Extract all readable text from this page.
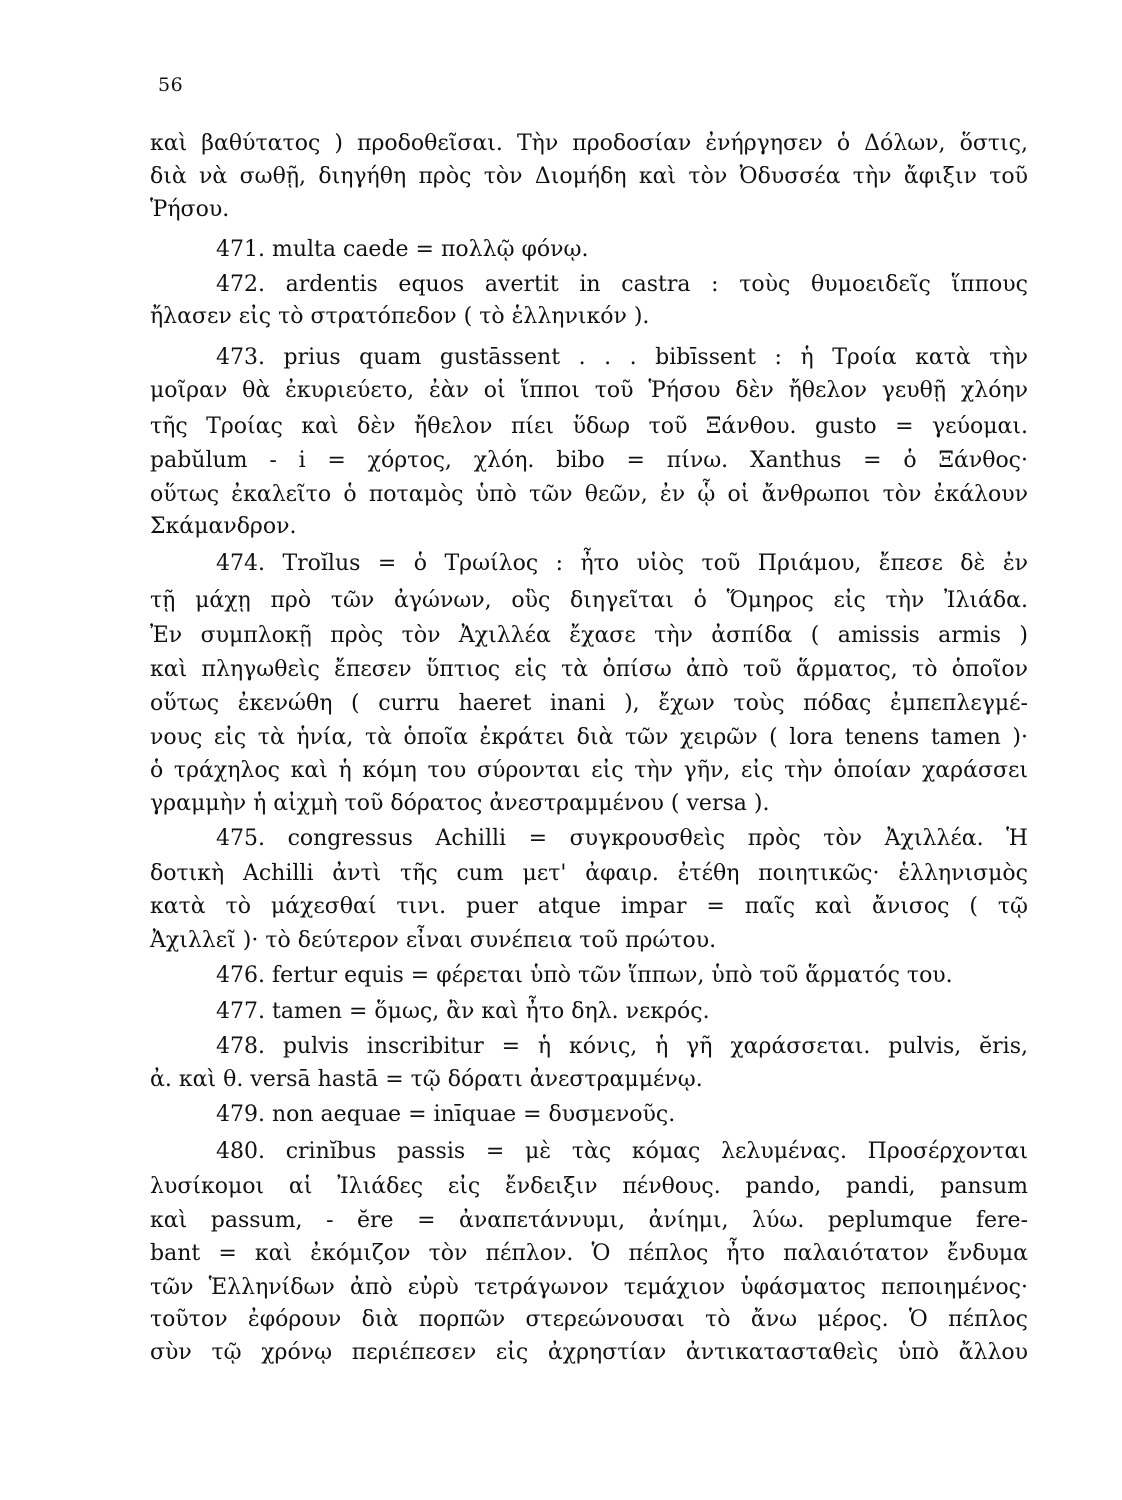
56
καὶ βαθύτατος ) προδοθεῖσαι. Τὴν προδοσίαν ἐνήργησεν ὁ Δόλων, ὅστις,
διὰ νὰ σωθῇ, διηγήθη πρὸς τὸν Διομήδη καὶ τὸν Ὀδυσσέα τὴν ἄφιξιν τοῦ
Ῥήσου.
471. multa caede = πολλῷ φόνῳ.
472. ardentis equos avertit in castra : τοὺς θυμοειδεῖς ἵππους
ἤλασεν εἰς τὸ στρατόπεδον ( τὸ ἑλληνικόν ).
473. prius quam gustāssent . . . bibīssent : ἡ Τροία κατὰ τὴν
μοῖραν θὰ ἐκυριεύετο, ἐὰν οἱ ἵπποι τοῦ Ῥήσου δὲν ἤθελον γευθῇ χλόην
τῆς Τροίας καὶ δὲν ἤθελον πίει ὕδωρ τοῦ Ξάνθου. gusto = γεύομαι.
pabŭlum - i = χόρτος, χλόη. bibo = πίνω. Xanthus = ὁ Ξάνθος·
οὕτως ἐκαλεῖτο ὁ ποταμὸς ὑπὸ τῶν θεῶν, ἐν ᾧ οἱ ἄνθρωποι τὸν ἐκάλουν
Σκάμανδρον.
474. Troĭlus = ὁ Τρωίλος : ἦτο υἱὸς τοῦ Πριάμου, ἔπεσε δὲ ἐν
τῇ μάχῃ πρὸ τῶν ἀγώνων, οὓς διηγεῖται ὁ Ὅμηρος εἰς τὴν Ἰλιάδα.
Ἐν συμπλοκῇ πρὸς τὸν Ἀχιλλέα ἔχασε τὴν ἀσπίδα ( amissis armis )
καὶ πληγωθεὶς ἔπεσεν ὕπτιος εἰς τὰ ὀπίσω ἀπὸ τοῦ ἅρματος, τὸ ὁποῖον
οὕτως ἐκενώθη ( curru haeret inani ), ἔχων τοὺς πόδας ἐμπεπλεγμέ-
νους εἰς τὰ ἡνία, τὰ ὁποῖα ἐκράτει διὰ τῶν χειρῶν ( lora tenens tamen )·
ὁ τράχηλος καὶ ἡ κόμη του σύρονται εἰς τὴν γῆν, εἰς τὴν ὁποίαν χαράσσει
γραμμὴν ἡ αἰχμὴ τοῦ δόρατος ἀνεστραμμένου ( versa ).
475. congressus Achilli = συγκρουσθεὶς πρὸς τὸν Ἀχιλλέα. Ἡ
δοτικὴ Achilli ἀντὶ τῆς cum μετ' ἀφαιρ. ἐτέθη ποιητικῶς· ἑλληνισμὸς
κατὰ τὸ μάχεσθαί τινι. puer atque impar = παῖς καὶ ἄνισος ( τῷ
Ἀχιλλεῖ )· τὸ δεύτερον εἶναι συνέπεια τοῦ πρώτου.
476. fertur equis = φέρεται ὑπὸ τῶν ἵππων, ὑπὸ τοῦ ἅρματός του.
477. tamen = ὅμως, ἂν καὶ ἦτο δηλ. νεκρός.
478. pulvis inscribitur = ἡ κόνις, ἡ γῆ χαράσσεται. pulvis, ĕris,
ἀ. καὶ θ. versā hastā = τῷ δόρατι ἀνεστραμμένῳ.
479. non aequae = inīquae = δυσμενοῦς.
480. crinĭbus passis = μὲ τὰς κόμας λελυμένας. Προσέρχονται
λυσίκομοι αἱ Ἰλιάδες εἰς ἔνδειξιν πένθους. pando, pandi, pansum
καὶ passum, - ĕre = ἀναπετάννυμι, ἀνίημι, λύω. peplumque fere-
bant = καὶ ἐκόμιζον τὸν πέπλον. Ὁ πέπλος ἦτο παλαιότατον ἔνδυμα
τῶν Ἑλληνίδων ἀπὸ εὐρὺ τετράγωνον τεμάχιον ὑφάσματος πεποιημένος·
τοῦτον ἐφόρουν διὰ πορπῶν στερεώνουσαι τὸ ἄνω μέρος. Ὁ πέπλος
σὺν τῷ χρόνῳ περιέπεσεν εἰς ἀχρηστίαν ἀντικατασταθεὶς ὑπὸ ἄλλου
